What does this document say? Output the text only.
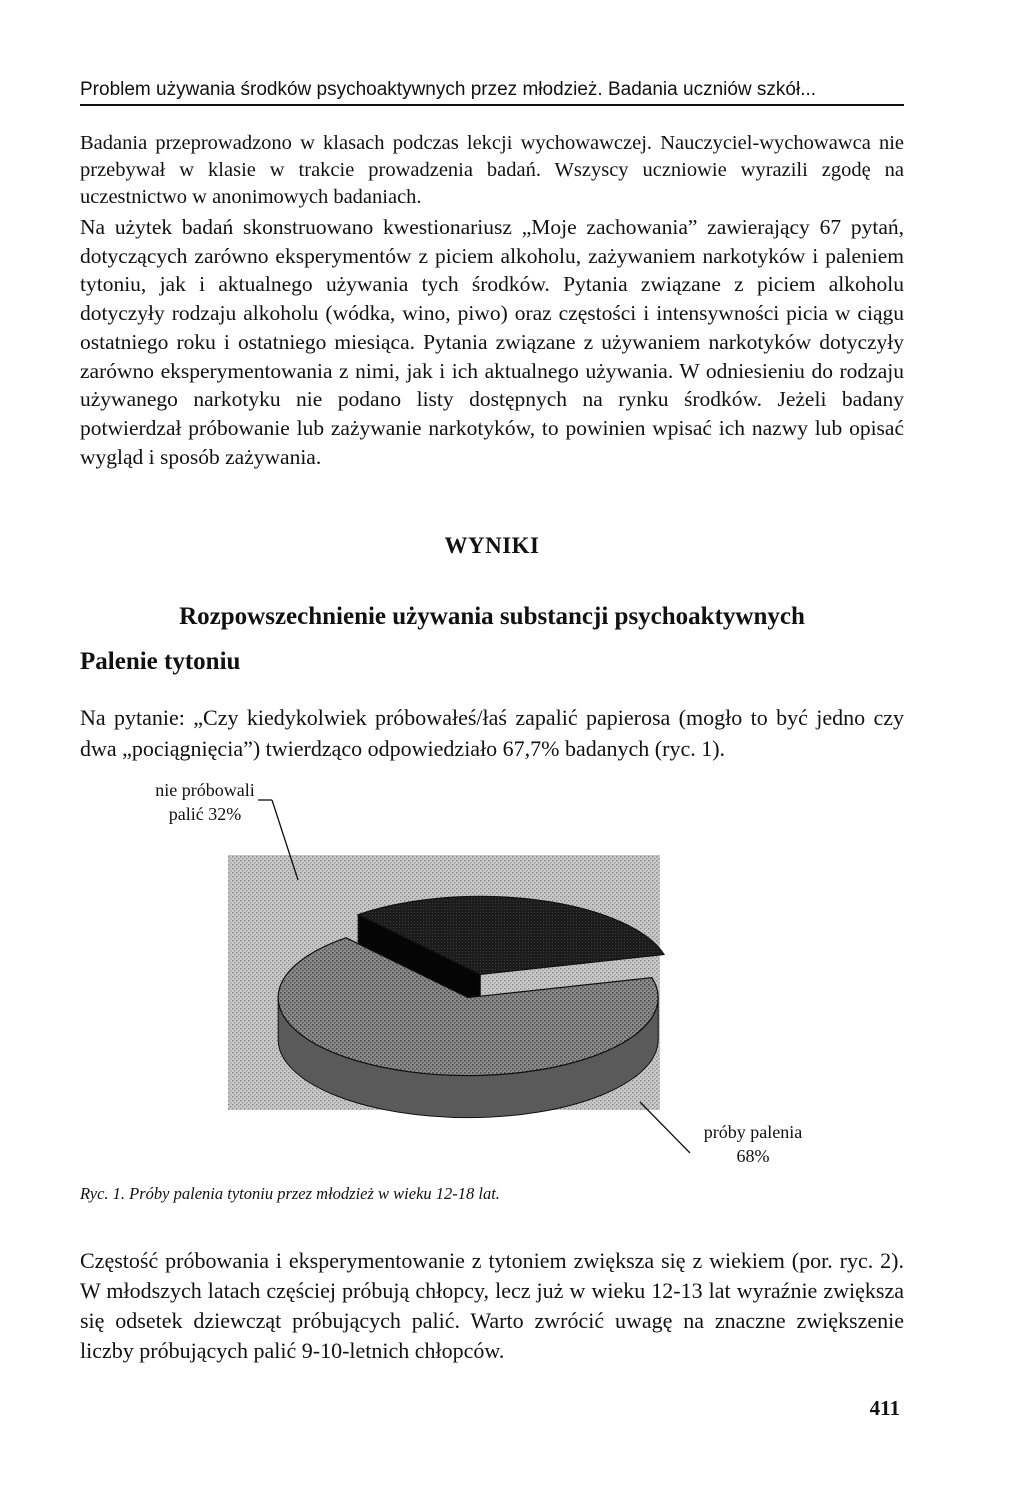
Problem używania środków psychoaktywnych przez młodzież. Badania uczniów szkół...

Badania przeprowadzono w klasach podczas lekcji wychowawczej. Nauczyciel-wychowawca nie przebywał w klasie w trakcie prowadzenia badań. Wszyscy uczniowie wyrazili zgodę na uczestnictwo w anonimowych badaniach.

Na użytek badań skonstruowano kwestionariusz „Moje zachowania” zawierający 67 pytań, dotyczących zarówno eksperymentów z piciem alkoholu, zażywaniem narkotyków i paleniem tytoniu, jak i aktualnego używania tych środków. Pytania związane z piciem alkoholu dotyczyły rodzaju alkoholu (wódka, wino, piwo) oraz częstości i intensywności picia w ciągu ostatniego roku i ostatniego miesiąca. Pytania związane z używaniem narkotyków dotyczyły zarówno eksperymentowania z nimi, jak i ich aktualnego używania. W odniesieniu do rodzaju używanego narkotyku nie podano listy dostępnych na rynku środków. Jeżeli badany potwierdzał próbowanie lub zażywanie narkotyków, to powinien wpisać ich nazwy lub opisać wygląd i sposób zażywania.

WYNIKI
Rozpowszechnienie używania substancji psychoaktywnych
Palenie tytoniu

Na pytanie: „Czy kiedykolwiek próbowałeś/łaś zapalić papierosa (mogło to być jedno czy dwa „pociągnięcia”) twierdząco odpowiedziało 67,7% badanych (ryc. 1).

nie próbowali
palić 32%
próby palenia
68%

Ryc. 1. Próby palenia tytoniu przez młodzież w wieku 12-18 lat.

Częstość próbowania i eksperymentowanie z tytoniem zwiększa się z wiekiem (por. ryc. 2). W młodszych latach częściej próbują chłopcy, lecz już w wieku 12-13 lat wyraźnie zwiększa się odsetek dziewcząt próbujących palić. Warto zwrócić uwagę na znaczne zwiększenie liczby próbujących palić 9-10-letnich chłopców.

411
